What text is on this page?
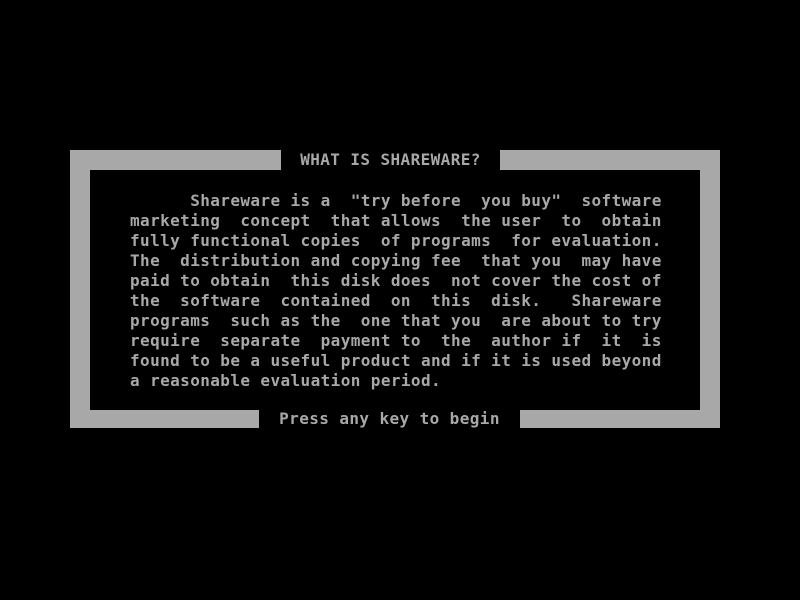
WHAT IS SHAREWARE?
Shareware is a  "try before  you buy"  software
marketing  concept  that allows  the user  to  obtain
fully functional copies  of programs  for evaluation.
The  distribution and copying fee  that you  may have
paid to obtain  this disk does  not cover the cost of
the  software  contained  on  this  disk.   Shareware
programs  such as the  one that you  are about to try
require  separate  payment to  the  author if  it  is
found to be a useful product and if it is used beyond
a reasonable evaluation period.
Press any key to begin
